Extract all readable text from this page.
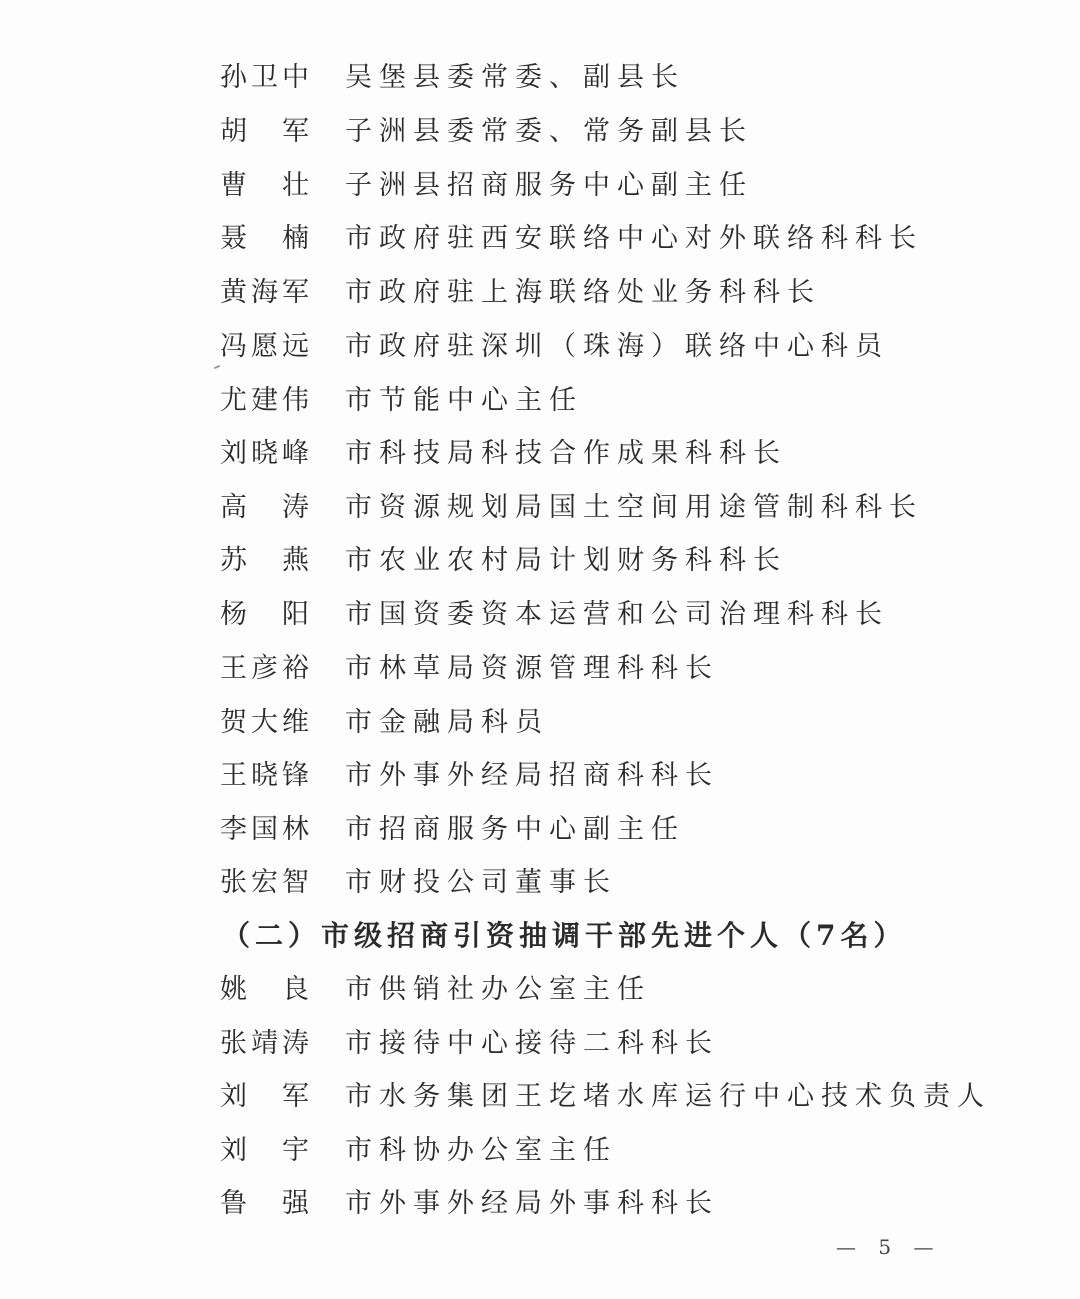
孙卫中	吴堡县委常委、副县长
胡　军	子洲县委常委、常务副县长
曹　壮	子洲县招商服务中心副主任
聂　楠	市政府驻西安联络中心对外联络科科长
黄海军	市政府驻上海联络处业务科科长
冯愿远	市政府驻深圳（珠海）联络中心科员
尤建伟	市节能中心主任
刘晓峰	市科技局科技合作成果科科长
高　涛	市资源规划局国土空间用途管制科科长
苏　燕	市农业农村局计划财务科科长
杨　阳	市国资委资本运营和公司治理科科长
王彦裕	市林草局资源管理科科长
贺大维	市金融局科员
王晓锋	市外事外经局招商科科长
李国林	市招商服务中心副主任
张宏智	市财投公司董事长
（二）市级招商引资抽调干部先进个人（7名）
姚　良	市供销社办公室主任
张靖涛	市接待中心接待二科科长
刘　军	市水务集团王圪堵水库运行中心技术负责人
刘　宇	市科协办公室主任
鲁　强	市外事外经局外事科科长
— 5 —
